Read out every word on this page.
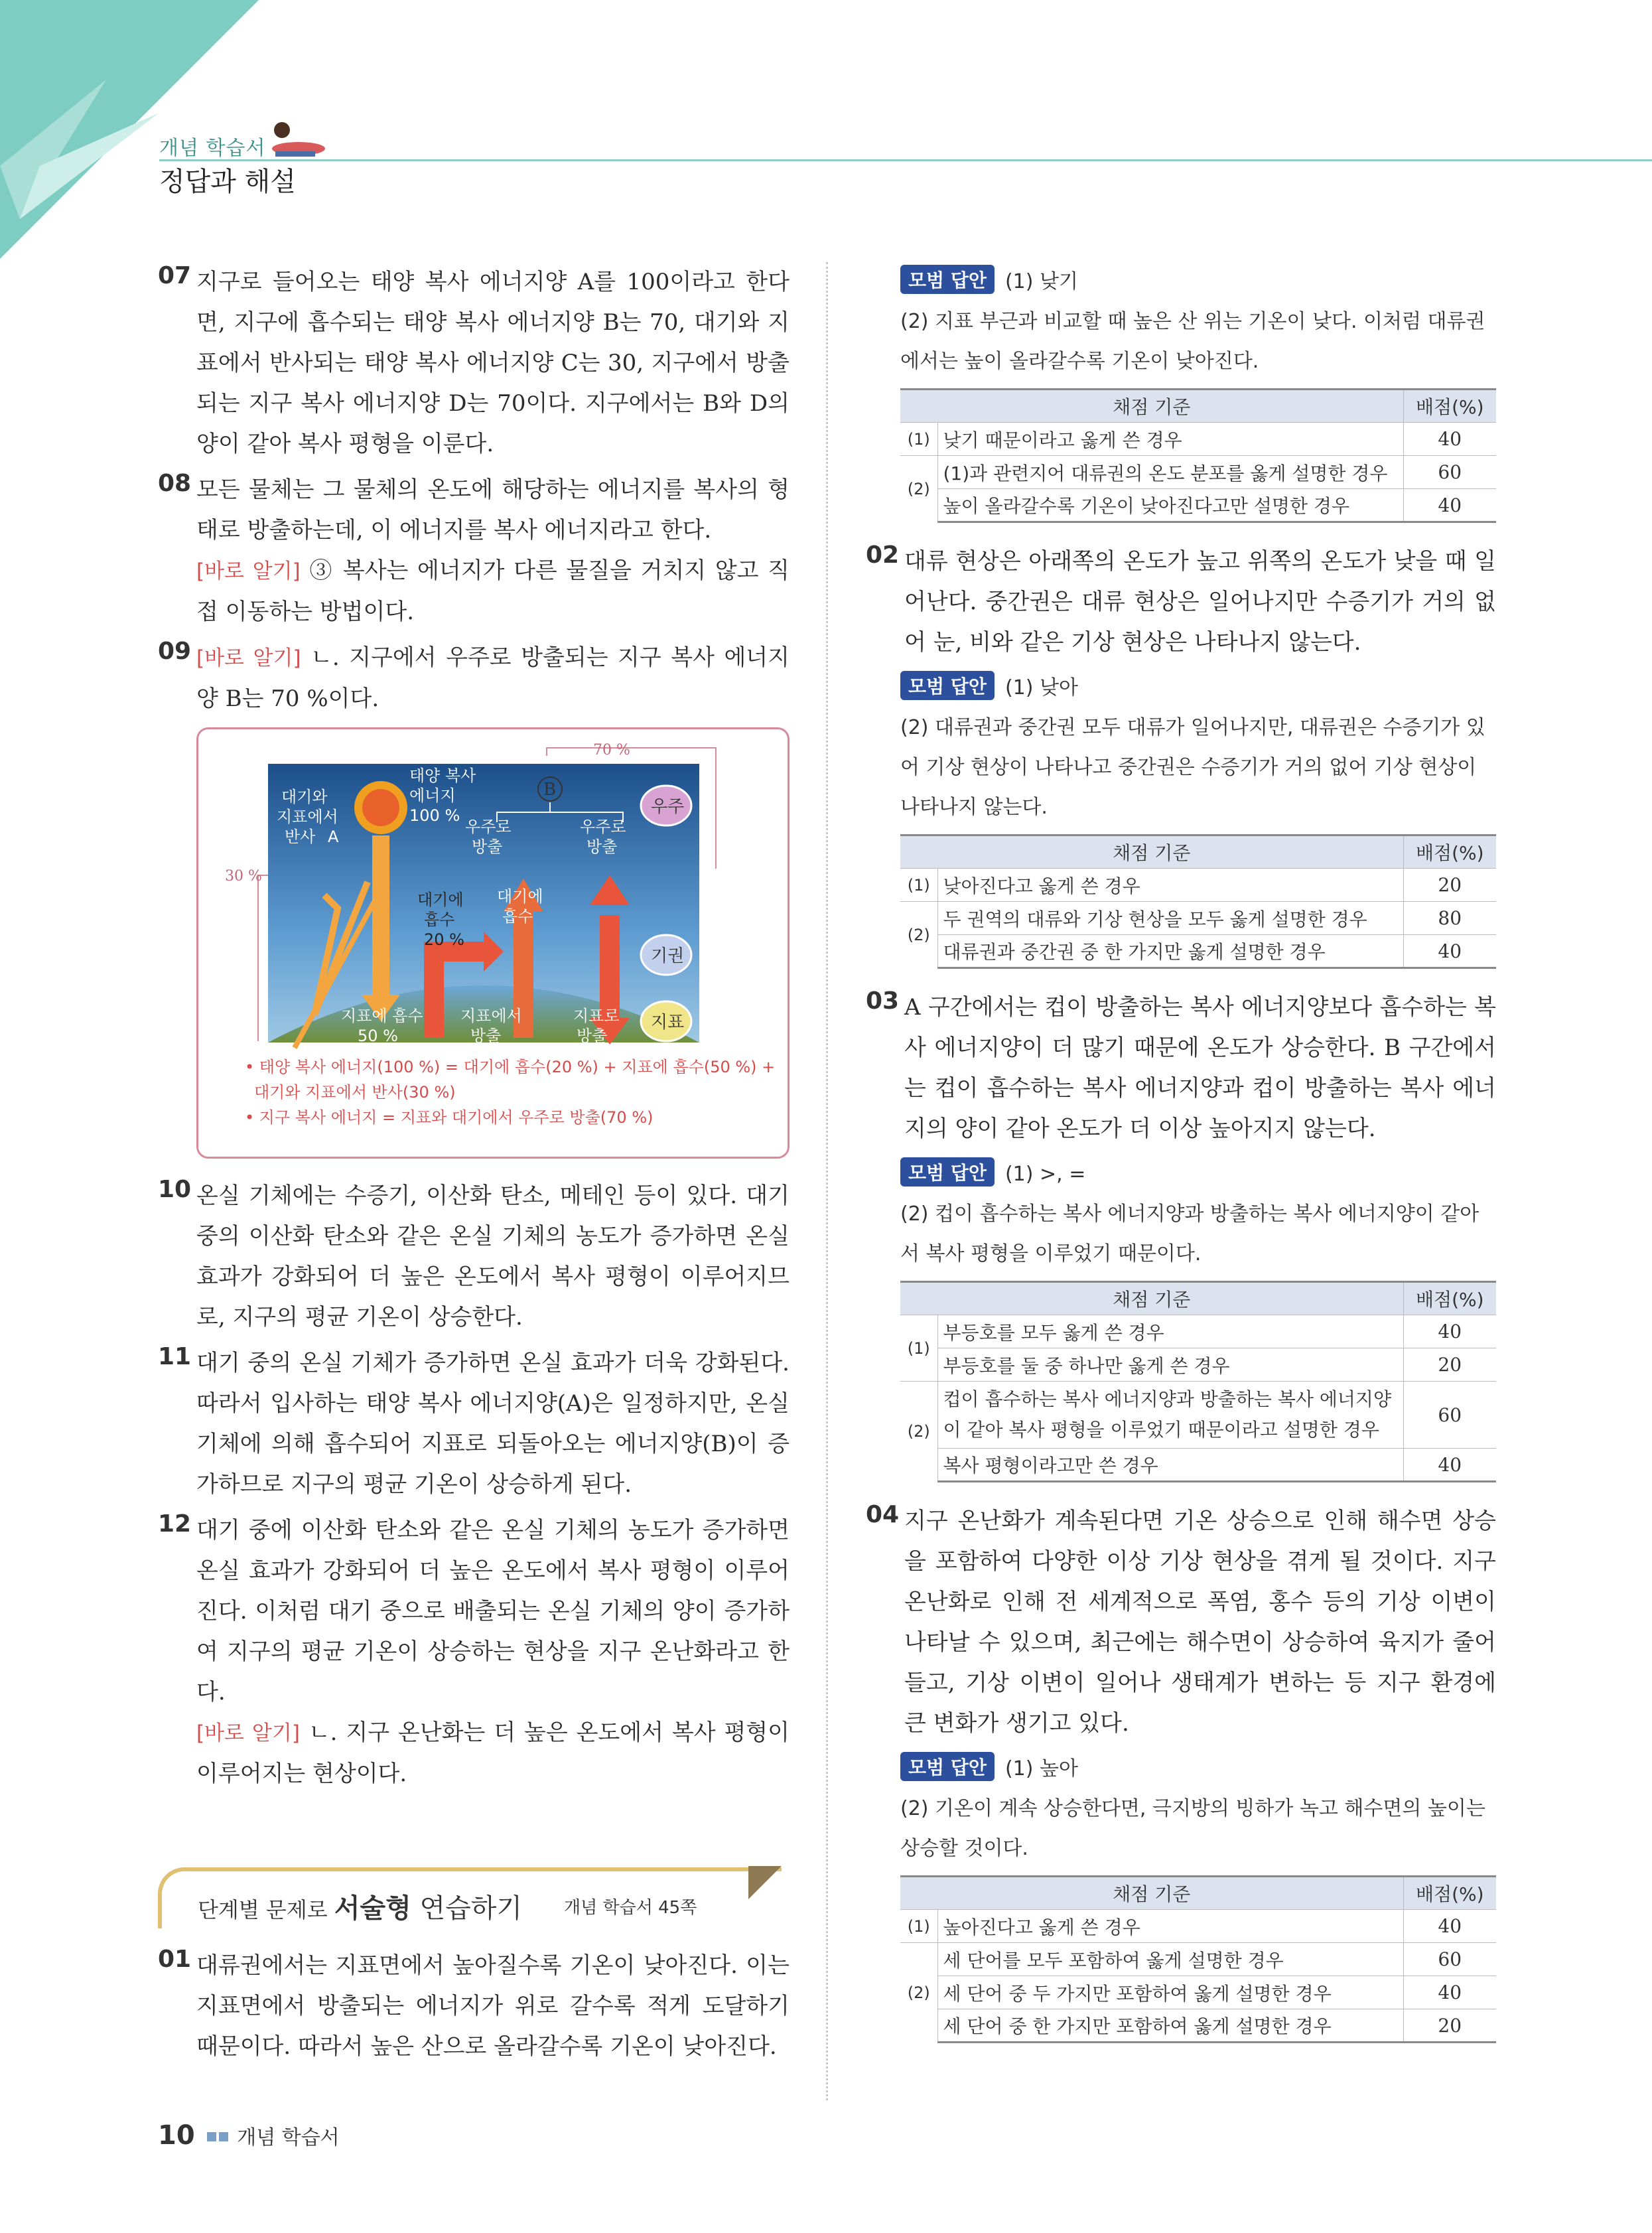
개념 학습서
정답과 해설
07 지구로 들어오는 태양 복사 에너지양 A를 100이라고 한다면, 지구에 흡수되는 태양 복사 에너지양 B는 70, 대기와 지표에서 반사되는 태양 복사 에너지양 C는 30, 지구에서 방출되는 지구 복사 에너지양 D는 70이다. 지구에서는 B와 D의 양이 같아 복사 평형을 이룬다.

08 모든 물체는 그 물체의 온도에 해당하는 에너지를 복사의 형태로 방출하는데, 이 에너지를 복사 에너지라고 한다.

[바로 알기] ③ 복사는 에너지가 다른 물질을 거치지 않고 직접 이동하는 방법이다.

09 [바로 알기] ㄴ. 지구에서 우주로 방출되는 지구 복사 에너지양 B는 70 %이다.

70 %
30 %
B
우주
기권
지표
대기와
지표에서
반사 A
태양 복사
에너지
100 %
우주로
방출
우주로
방출
대기에
흡수
대기에
흡수
20 %
지표에 흡수
50 %
지표에서
방출
지표로
방출
• 태양 복사 에너지(100 %) = 대기에 흡수(20 %) + 지표에 흡수(50 %) +
대기와 지표에서 반사(30 %)
• 지구 복사 에너지 = 지표와 대기에서 우주로 방출(70 %)
10 온실 기체에는 수증기, 이산화 탄소, 메테인 등이 있다. 대기 중의 이산화 탄소와 같은 온실 기체의 농도가 증가하면 온실 효과가 강화되어 더 높은 온도에서 복사 평형이 이루어지므로, 지구의 평균 기온이 상승한다.

11 대기 중의 온실 기체가 증가하면 온실 효과가 더욱 강화된다. 따라서 입사하는 태양 복사 에너지양(A)은 일정하지만, 온실 기체에 의해 흡수되어 지표로 되돌아오는 에너지양(B)이 증가하므로 지구의 평균 기온이 상승하게 된다.

12 대기 중에 이산화 탄소와 같은 온실 기체의 농도가 증가하면 온실 효과가 강화되어 더 높은 온도에서 복사 평형이 이루어진다. 이처럼 대기 중으로 배출되는 온실 기체의 양이 증가하여 지구의 평균 기온이 상승하는 현상을 지구 온난화라고 한다.

[바로 알기] ㄴ. 지구 온난화는 더 높은 온도에서 복사 평형이 이루어지는 현상이다.

단계별 문제로 서술형 연습하기 개념 학습서 45쪽
01 대류권에서는 지표면에서 높아질수록 기온이 낮아진다. 이는 지표면에서 방출되는 에너지가 위로 갈수록 적게 도달하기 때문이다. 따라서 높은 산으로 올라갈수록 기온이 낮아진다.

모범 답안 (1) 낮기
(2) 지표 부근과 비교할 때 높은 산 위는 기온이 낮다. 이처럼 대류권에서는 높이 올라갈수록 기온이 낮아진다.
채점 기준		배점(%)
(1)	낮기 때문이라고 옳게 쓴 경우	40
(2)	(1)과 관련지어 대류권의 온도 분포를 옳게 설명한 경우	60
	높이 올라갈수록 기온이 낮아진다고만 설명한 경우	40
02 대류 현상은 아래쪽의 온도가 높고 위쪽의 온도가 낮을 때 일어난다. 중간권은 대류 현상은 일어나지만 수증기가 거의 없어 눈, 비와 같은 기상 현상은 나타나지 않는다.

모범 답안 (1) 낮아
(2) 대류권과 중간권 모두 대류가 일어나지만, 대류권은 수증기가 있어 기상 현상이 나타나고 중간권은 수증기가 거의 없어 기상 현상이 나타나지 않는다.
채점 기준		배점(%)
(1)	낮아진다고 옳게 쓴 경우	20
(2)	두 권역의 대류와 기상 현상을 모두 옳게 설명한 경우	80
	대류권과 중간권 중 한 가지만 옳게 설명한 경우	40
03 A 구간에서는 컵이 방출하는 복사 에너지양보다 흡수하는 복사 에너지양이 더 많기 때문에 온도가 상승한다. B 구간에서는 컵이 흡수하는 복사 에너지양과 컵이 방출하는 복사 에너지의 양이 같아 온도가 더 이상 높아지지 않는다.

모범 답안 (1) >, =
(2) 컵이 흡수하는 복사 에너지양과 방출하는 복사 에너지양이 같아서 복사 평형을 이루었기 때문이다.
채점 기준		배점(%)
(1)	부등호를 모두 옳게 쓴 경우	40
	부등호를 둘 중 하나만 옳게 쓴 경우	20
(2)	컵이 흡수하는 복사 에너지양과 방출하는 복사 에너지양이 같아 복사 평형을 이루었기 때문이라고 설명한 경우	60
	복사 평형이라고만 쓴 경우	40
04 지구 온난화가 계속된다면 기온 상승으로 인해 해수면 상승을 포함하여 다양한 이상 기상 현상을 겪게 될 것이다. 지구 온난화로 인해 전 세계적으로 폭염, 홍수 등의 기상 이변이 나타날 수 있으며, 최근에는 해수면이 상승하여 육지가 줄어들고, 기상 이변이 일어나 생태계가 변하는 등 지구 환경에 큰 변화가 생기고 있다.

모범 답안 (1) 높아
(2) 기온이 계속 상승한다면, 극지방의 빙하가 녹고 해수면의 높이는 상승할 것이다.
채점 기준		배점(%)
(1)	높아진다고 옳게 쓴 경우	40
(2)	세 단어를 모두 포함하여 옳게 설명한 경우	60
	세 단어 중 두 가지만 포함하여 옳게 설명한 경우	40
	세 단어 중 한 가지만 포함하여 옳게 설명한 경우	20
10 개념 학습서
